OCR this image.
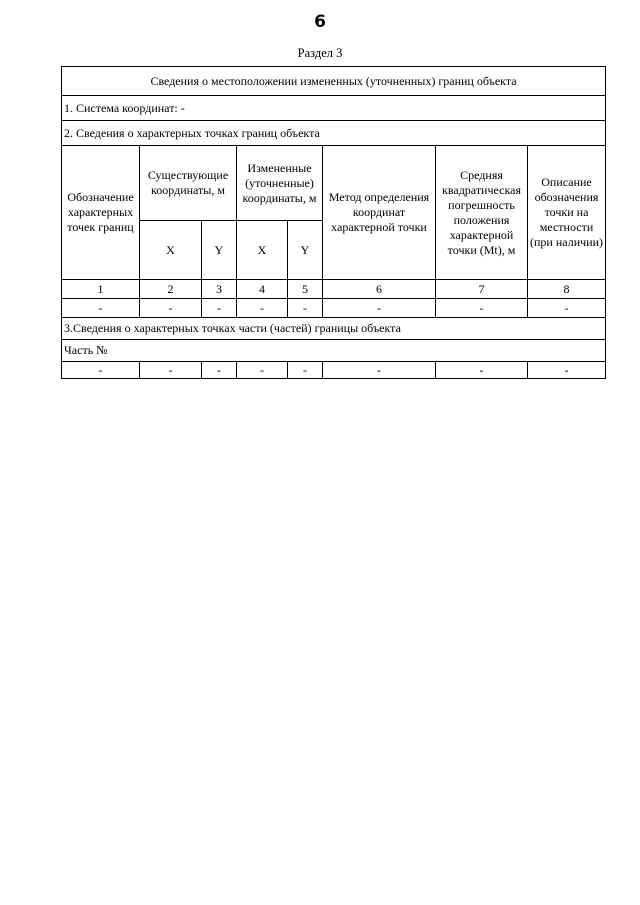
6
Раздел 3
Сведения о местоположении измененных (уточненных) границ объекта							
1. Система координат: -							
2. Сведения о характерных точках границ объекта							
Обозначение характерных точек границ	Существующие координаты, м		Измененные (уточненные) координаты, м		Метод определения координат характерной точки	Средняя квадратическая погрешность положения характерной точки (Mt), м	Описание обозначения точки на местности (при наличии)
	X	Y	X	Y			
1	2	3	4	5	6	7	8
-	-	-	-	-	-	-	-
3.Сведения о характерных точках части (частей) границы объекта							
Часть №							
-	-	-	-	-	-	-	-
